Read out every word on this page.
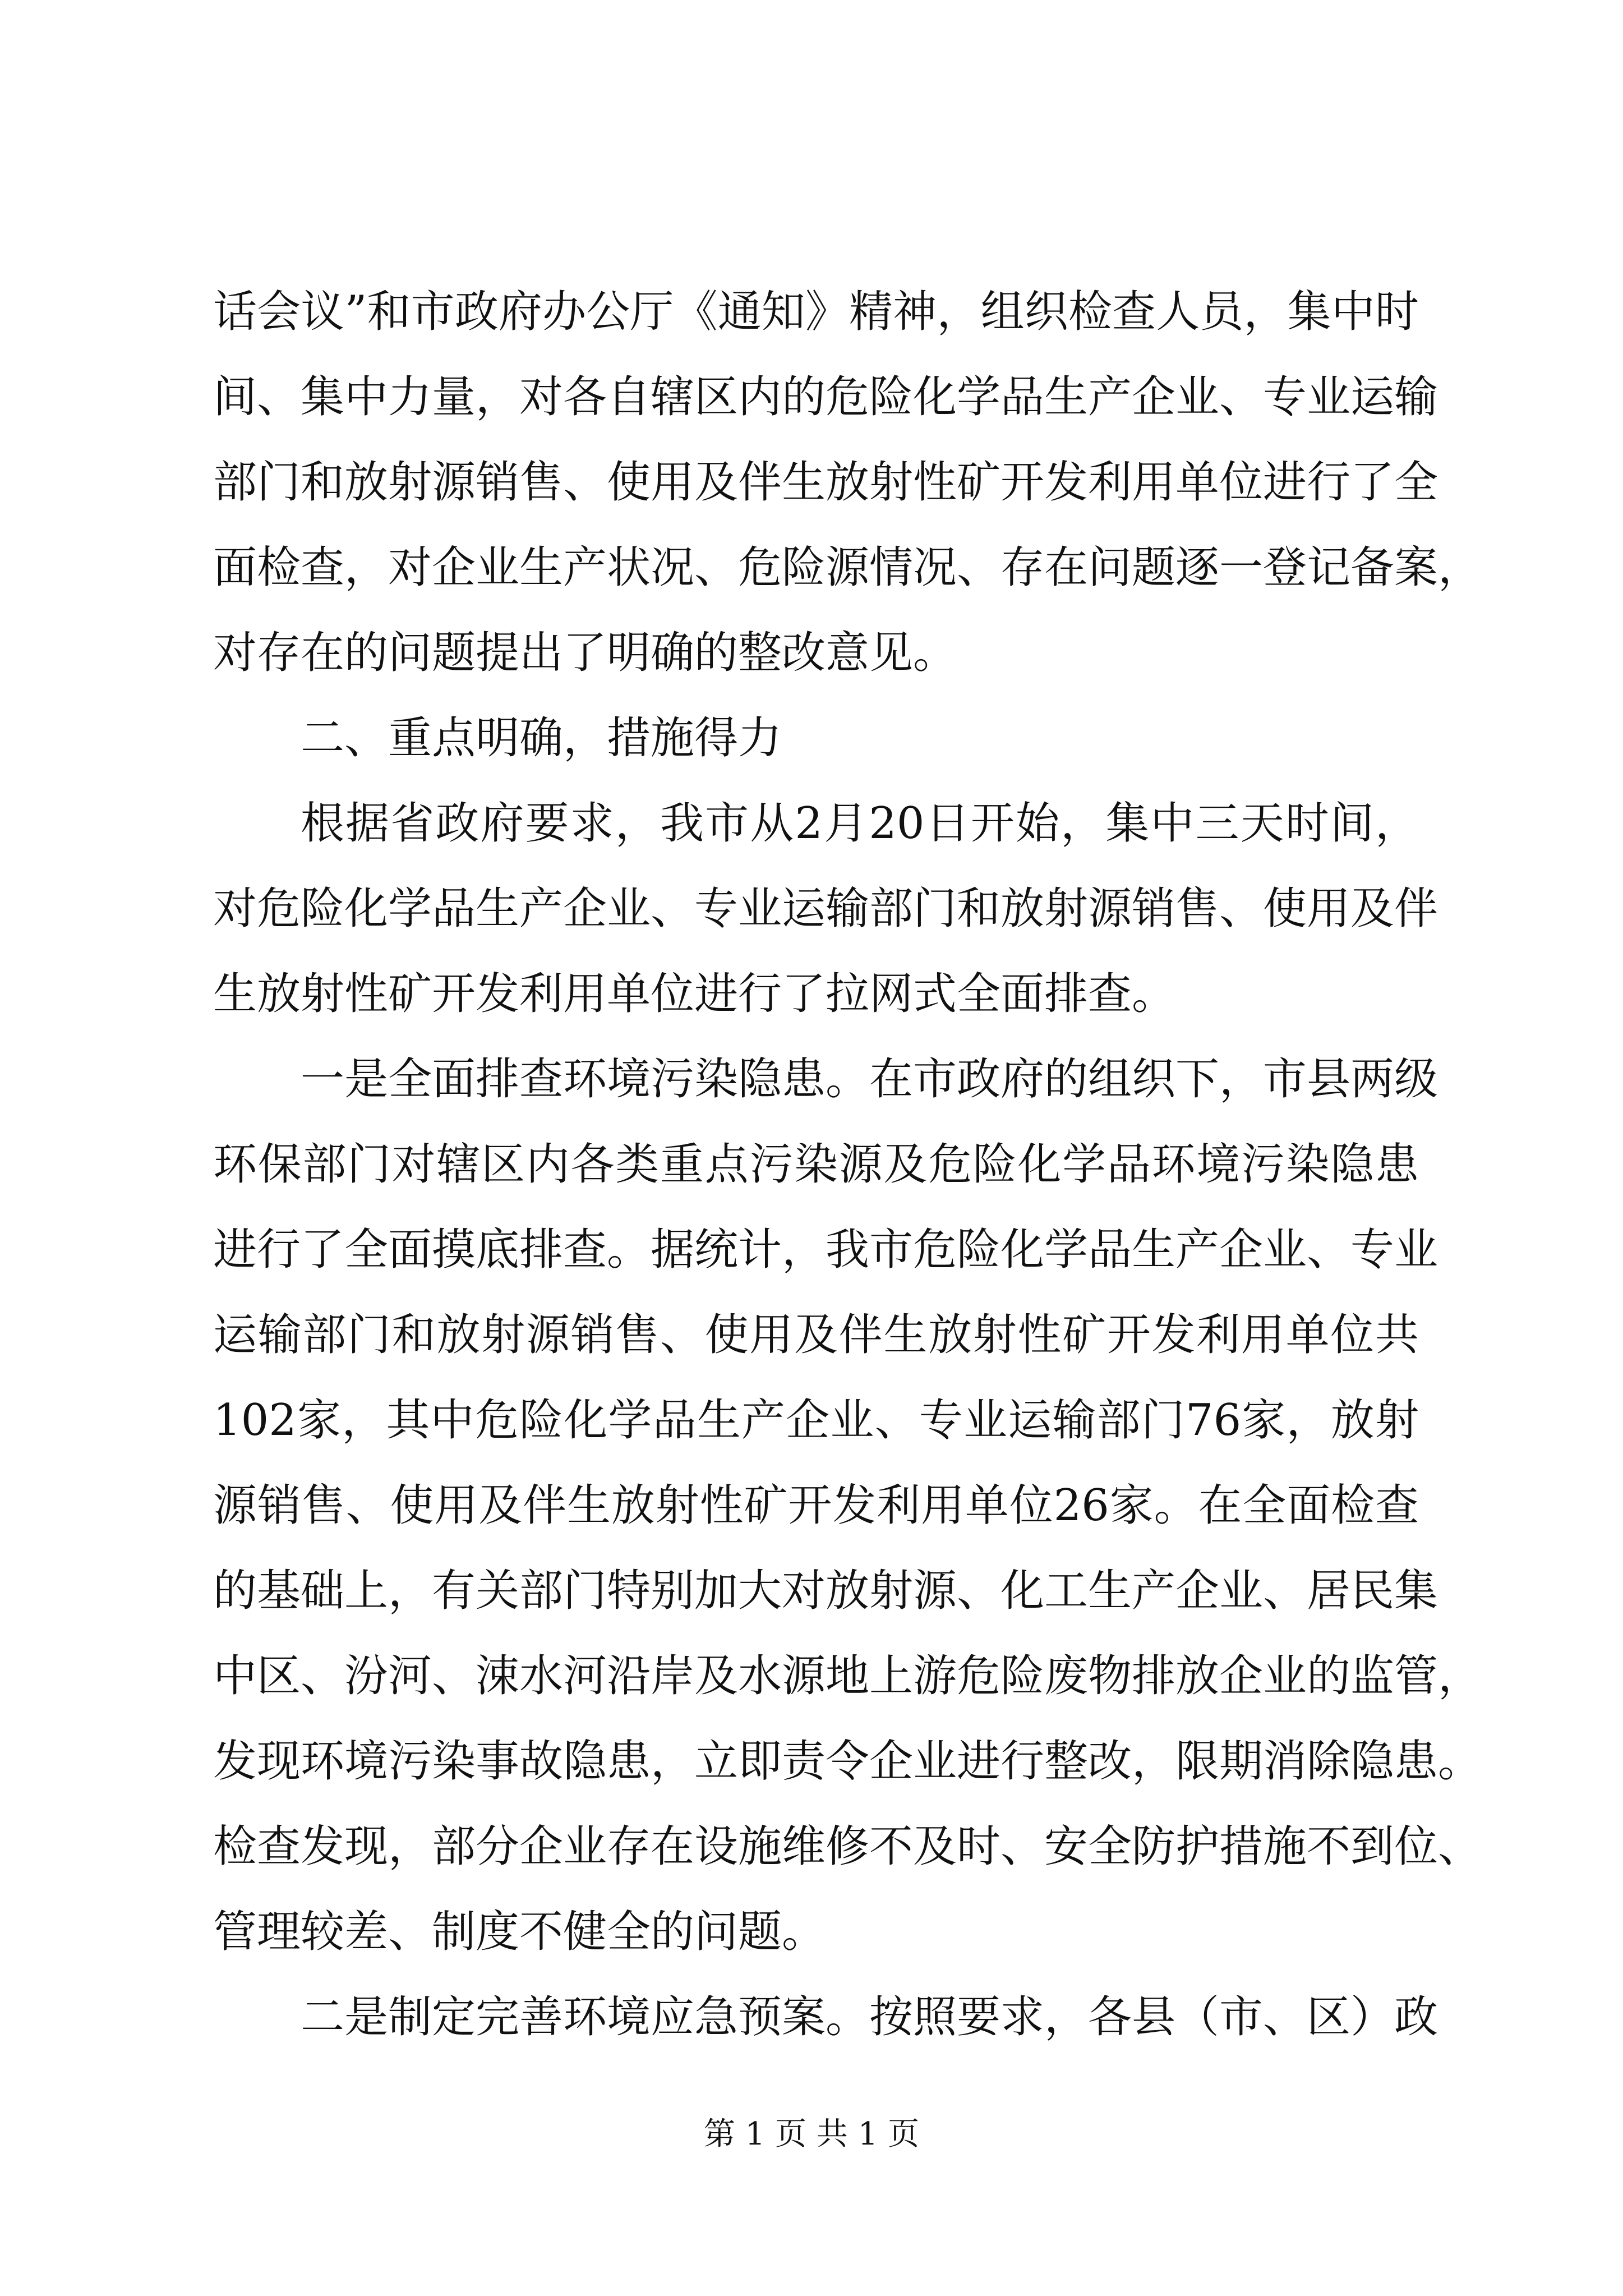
话会议”和市政府办公厅《通知》精神，组织检查人员，集中时
间、集中力量，对各自辖区内的危险化学品生产企业、专业运输
部门和放射源销售、使用及伴生放射性矿开发利用单位进行了全
面检查，对企业生产状况、危险源情况、存在问题逐一登记备案，
对存在的问题提出了明确的整改意见。
二、重点明确，措施得力
根据省政府要求，我市从2月20日开始，集中三天时间，
对危险化学品生产企业、专业运输部门和放射源销售、使用及伴
生放射性矿开发利用单位进行了拉网式全面排查。
一是全面排查环境污染隐患。在市政府的组织下，市县两级
环保部门对辖区内各类重点污染源及危险化学品环境污染隐患
进行了全面摸底排查。据统计，我市危险化学品生产企业、专业
运输部门和放射源销售、使用及伴生放射性矿开发利用单位共
102家，其中危险化学品生产企业、专业运输部门76家，放射
源销售、使用及伴生放射性矿开发利用单位26家。在全面检查
的基础上，有关部门特别加大对放射源、化工生产企业、居民集
中区、汾河、涑水河沿岸及水源地上游危险废物排放企业的监管，
发现环境污染事故隐患，立即责令企业进行整改，限期消除隐患。
检查发现，部分企业存在设施维修不及时、安全防护措施不到位、
管理较差、制度不健全的问题。
二是制定完善环境应急预案。按照要求，各县（市、区）政
第 1 页 共 1 页
